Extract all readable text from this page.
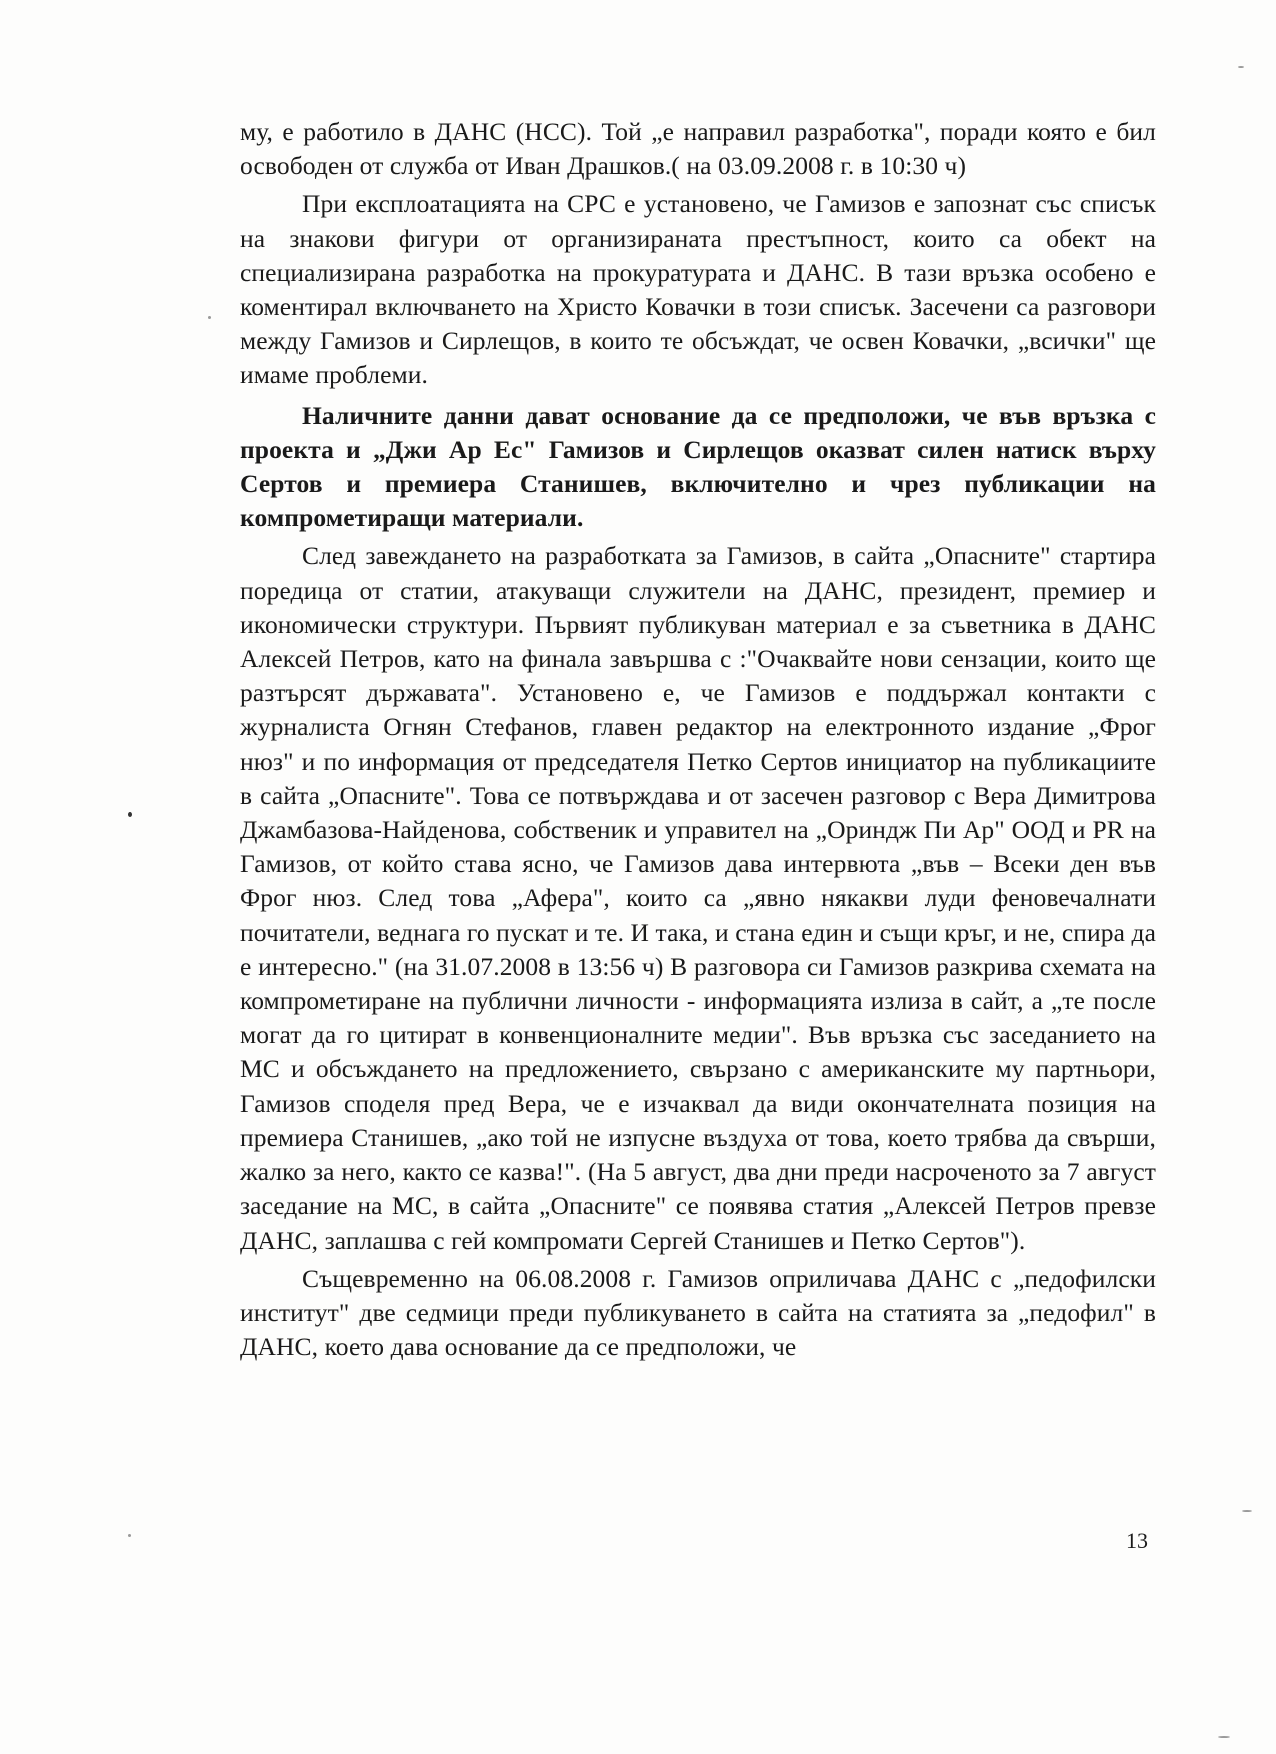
му, е работило в ДАНС (НСС). Той „е направил разработка", поради която е бил освободен от служба от Иван Драшков.( на 03.09.2008 г. в 10:30 ч)

При експлоатацията на СРС е установено, че Гамизов е запознат със списък на знакови фигури от организираната престъпност, които са обект на специализирана разработка на прокуратурата и ДАНС. В тази връзка особено е коментирал включването на Христо Ковачки в този списък. Засечени са разговори между Гамизов и Сирлещов, в които те обсъждат, че освен Ковачки, „всички" ще имаме проблеми.

Наличните данни дават основание да се предположи, че във връзка с проекта и „Джи Ар Ес" Гамизов и Сирлещов оказват силен натиск върху Сертов и премиера Станишев, включително и чрез публикации на компрометиращи материали.

След завеждането на разработката за Гамизов, в сайта „Опасните" стартира поредица от статии, атакуващи служители на ДАНС, президент, премиер и икономически структури. Първият публикуван материал е за съветника в ДАНС Алексей Петров, като на финала завършва с :"Очаквайте нови сензации, които ще разтърсят държавата". Установено е, че Гамизов е поддържал контакти с журналиста Огнян Стефанов, главен редактор на електронното издание „Фрог нюз" и по информация от председателя Петко Сертов инициатор на публикациите в сайта „Опасните". Това се потвърждава и от засечен разговор с Вера Димитрова Джамбазова-Найденова, собственик и управител на „Ориндж Пи Ар" ООД и PR на Гамизов, от който става ясно, че Гамизов дава интервюта „във – Всеки ден във Фрог нюз. След това „Афера", които са „явно някакви луди феновечалнати почитатели, веднага го пускат и те. И така, и стана един и същи кръг, и не, спира да е интересно." (на 31.07.2008 в 13:56 ч) В разговора си Гамизов разкрива схемата на компрометиране на публични личности - информацията излиза в сайт, а „те после могат да го цитират в конвенционалните медии". Във връзка със заседанието на МС и обсъждането на предложението, свързано с американските му партньори, Гамизов споделя пред Вера, че е изчаквал да види окончателната позиция на премиера Станишев, „ако той не изпусне въздуха от това, което трябва да свърши, жалко за него, както се казва!". (На 5 август, два дни преди насроченото за 7 август заседание на МС, в сайта „Опасните" се появява статия „Алексей Петров превзе ДАНС, заплашва с гей компромати Сергей Станишев и Петко Сертов").

Същевременно на 06.08.2008 г. Гамизов оприличава ДАНС с „педофилски институт" две седмици преди публикуването в сайта на статията за „педофил" в ДАНС, което дава основание да се предположи, че

13
